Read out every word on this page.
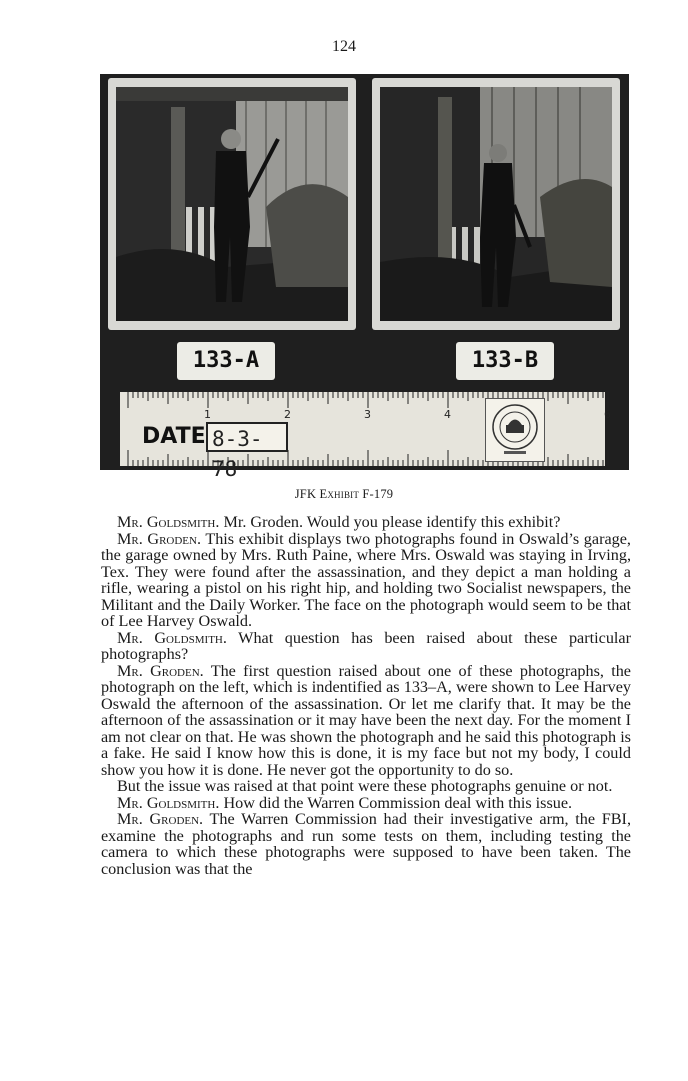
124
133-A	133-B
1	2	3	4	6
DATE 8-3-78
JFK Exhibit F-179

Mr. Goldsmith. Mr. Groden. Would you please identify this exhibit?

Mr. Groden. This exhibit displays two photographs found in Oswald’s garage, the garage owned by Mrs. Ruth Paine, where Mrs. Oswald was staying in Irving, Tex. They were found after the assassination, and they depict a man holding a rifle, wearing a pistol on his right hip, and holding two Socialist newspapers, the Militant and the Daily Worker. The face on the photograph would seem to be that of Lee Harvey Oswald.

Mr. Goldsmith. What question has been raised about these particular photographs?

Mr. Groden. The first question raised about one of these photographs, the photograph on the left, which is indentified as 133–A, were shown to Lee Harvey Oswald the afternoon of the assassination. Or let me clarify that. It may be the afternoon of the assassination or it may have been the next day. For the moment I am not clear on that. He was shown the photograph and he said this photograph is a fake. He said I know how this is done, it is my face but not my body, I could show you how it is done. He never got the opportunity to do so.

But the issue was raised at that point were these photographs genuine or not.

Mr. Goldsmith. How did the Warren Commission deal with this issue.

Mr. Groden. The Warren Commission had their investigative arm, the FBI, examine the photographs and run some tests on them, including testing the camera to which these photographs were supposed to have been taken. The conclusion was that the
